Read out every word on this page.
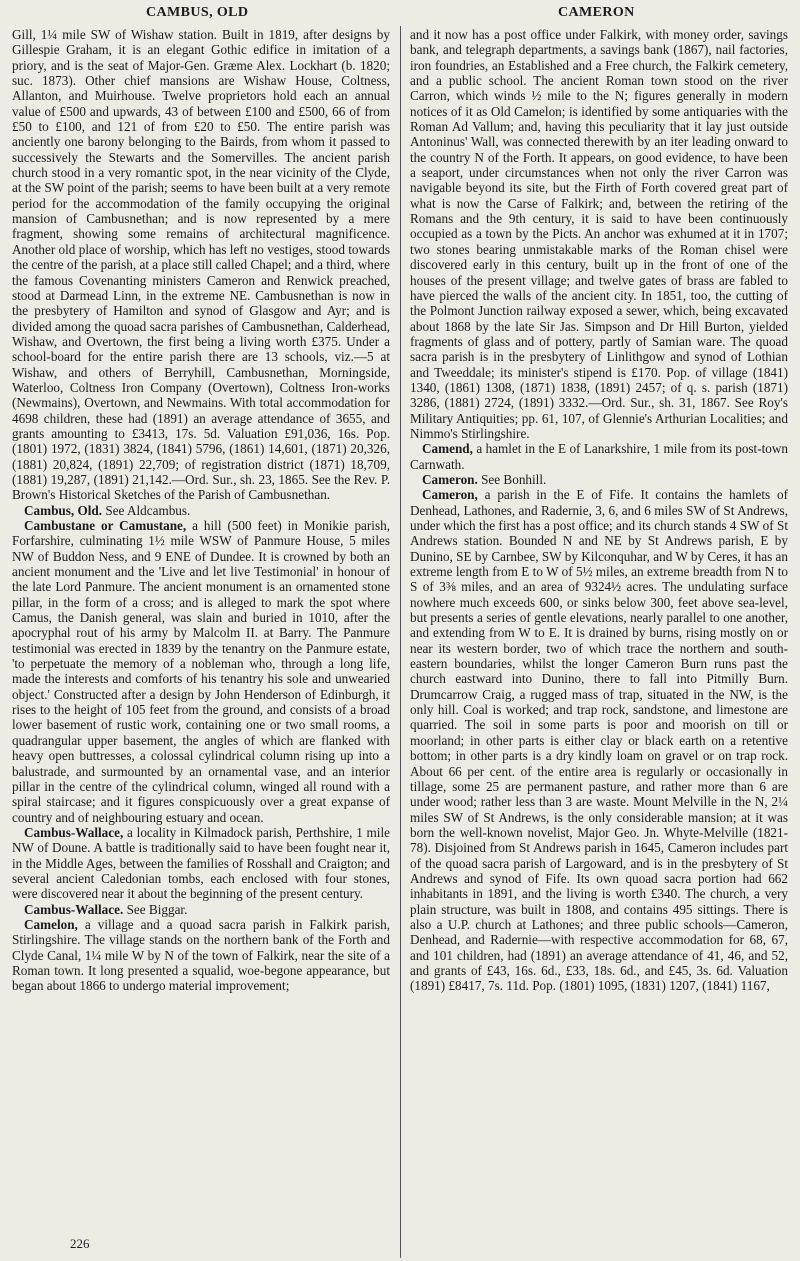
CAMBUS, OLD	CAMERON

Gill, 1¼ mile SW of Wishaw station. Built in 1819, after designs by Gillespie Graham, it is an elegant Gothic edifice in imitation of a priory, and is the seat of Major-Gen. Græme Alex. Lockhart (b. 1820; suc. 1873). Other chief mansions are Wishaw House, Coltness, Allanton, and Muirhouse. Twelve proprietors hold each an annual value of £500 and upwards, 43 of between £100 and £500, 66 of from £50 to £100, and 121 of from £20 to £50. The entire parish was anciently one barony belonging to the Bairds, from whom it passed to successively the Stewarts and the Somervilles. The ancient parish church stood in a very romantic spot, in the near vicinity of the Clyde, at the SW point of the parish; seems to have been built at a very remote period for the accommodation of the family occupying the original mansion of Cambusnethan; and is now represented by a mere fragment, showing some remains of architectural magnificence. Another old place of worship, which has left no vestiges, stood towards the centre of the parish, at a place still called Chapel; and a third, where the famous Covenanting ministers Cameron and Renwick preached, stood at Darmead Linn, in the extreme NE. Cambusnethan is now in the presbytery of Hamilton and synod of Glasgow and Ayr; and is divided among the quoad sacra parishes of Cambusnethan, Calderhead, Wishaw, and Overtown, the first being a living worth £375. Under a school-board for the entire parish there are 13 schools, viz.—5 at Wishaw, and others of Berryhill, Cambusnethan, Morningside, Waterloo, Coltness Iron Company (Overtown), Coltness Iron-works (Newmains), Overtown, and Newmains. With total accommodation for 4698 children, these had (1891) an average attendance of 3655, and grants amounting to £3413, 17s. 5d. Valuation £91,036, 16s. Pop. (1801) 1972, (1831) 3824, (1841) 5796, (1861) 14,601, (1871) 20,326, (1881) 20,824, (1891) 22,709; of registration district (1871) 18,709, (1881) 19,287, (1891) 21,142.—Ord. Sur., sh. 23, 1865. See the Rev. P. Brown's Historical Sketches of the Parish of Cambusnethan.

Cambus, Old. See Aldcambus.

Cambustane or Camustane, a hill (500 feet) in Monikie parish, Forfarshire, culminating 1½ mile WSW of Panmure House, 5 miles NW of Buddon Ness, and 9 ENE of Dundee. It is crowned by both an ancient monument and the 'Live and let live Testimonial' in honour of the late Lord Panmure. The ancient monument is an ornamented stone pillar, in the form of a cross; and is alleged to mark the spot where Camus, the Danish general, was slain and buried in 1010, after the apocryphal rout of his army by Malcolm II. at Barry. The Panmure testimonial was erected in 1839 by the tenantry on the Panmure estate, 'to perpetuate the memory of a nobleman who, through a long life, made the interests and comforts of his tenantry his sole and unwearied object.' Constructed after a design by John Henderson of Edinburgh, it rises to the height of 105 feet from the ground, and consists of a broad lower basement of rustic work, containing one or two small rooms, a quadrangular upper basement, the angles of which are flanked with heavy open buttresses, a colossal cylindrical column rising up into a balustrade, and surmounted by an ornamental vase, and an interior pillar in the centre of the cylindrical column, winged all round with a spiral staircase; and it figures conspicuously over a great expanse of country and of neighbouring estuary and ocean.

Cambus-Wallace, a locality in Kilmadock parish, Perthshire, 1 mile NW of Doune. A battle is traditionally said to have been fought near it, in the Middle Ages, between the families of Rosshall and Craigton; and several ancient Caledonian tombs, each enclosed with four stones, were discovered near it about the beginning of the present century.

Cambus-Wallace. See Biggar.

Camelon, a village and a quoad sacra parish in Falkirk parish, Stirlingshire. The village stands on the northern bank of the Forth and Clyde Canal, 1¼ mile W by N of the town of Falkirk, near the site of a Roman town. It long presented a squalid, woe-begone appearance, but began about 1866 to undergo material improvement;

and it now has a post office under Falkirk, with money order, savings bank, and telegraph departments, a savings bank (1867), nail factories, iron foundries, an Established and a Free church, the Falkirk cemetery, and a public school. The ancient Roman town stood on the river Carron, which winds ½ mile to the N; figures generally in modern notices of it as Old Camelon; is identified by some antiquaries with the Roman Ad Vallum; and, having this peculiarity that it lay just outside Antoninus' Wall, was connected therewith by an iter leading onward to the country N of the Forth. It appears, on good evidence, to have been a seaport, under circumstances when not only the river Carron was navigable beyond its site, but the Firth of Forth covered great part of what is now the Carse of Falkirk; and, between the retiring of the Romans and the 9th century, it is said to have been continuously occupied as a town by the Picts. An anchor was exhumed at it in 1707; two stones bearing unmistakable marks of the Roman chisel were discovered early in this century, built up in the front of one of the houses of the present village; and twelve gates of brass are fabled to have pierced the walls of the ancient city. In 1851, too, the cutting of the Polmont Junction railway exposed a sewer, which, being excavated about 1868 by the late Sir Jas. Simpson and Dr Hill Burton, yielded fragments of glass and of pottery, partly of Samian ware. The quoad sacra parish is in the presbytery of Linlithgow and synod of Lothian and Tweeddale; its minister's stipend is £170. Pop. of village (1841) 1340, (1861) 1308, (1871) 1838, (1891) 2457; of q. s. parish (1871) 3286, (1881) 2724, (1891) 3332.—Ord. Sur., sh. 31, 1867. See Roy's Military Antiquities; pp. 61, 107, of Glennie's Arthurian Localities; and Nimmo's Stirlingshire.

Camend, a hamlet in the E of Lanarkshire, 1 mile from its post-town Carnwath.

Cameron. See Bonhill.

Cameron, a parish in the E of Fife. It contains the hamlets of Denhead, Lathones, and Radernie, 3, 6, and 6 miles SW of St Andrews, under which the first has a post office; and its church stands 4 SW of St Andrews station. Bounded N and NE by St Andrews parish, E by Dunino, SE by Carnbee, SW by Kilconquhar, and W by Ceres, it has an extreme length from E to W of 5½ miles, an extreme breadth from N to S of 3⅜ miles, and an area of 9324½ acres. The undulating surface nowhere much exceeds 600, or sinks below 300, feet above sea-level, but presents a series of gentle elevations, nearly parallel to one another, and extending from W to E. It is drained by burns, rising mostly on or near its western border, two of which trace the northern and south-eastern boundaries, whilst the longer Cameron Burn runs past the church eastward into Dunino, there to fall into Pitmilly Burn. Drumcarrow Craig, a rugged mass of trap, situated in the NW, is the only hill. Coal is worked; and trap rock, sandstone, and limestone are quarried. The soil in some parts is poor and moorish on till or moorland; in other parts is either clay or black earth on a retentive bottom; in other parts is a dry kindly loam on gravel or on trap rock. About 66 per cent. of the entire area is regularly or occasionally in tillage, some 25 are permanent pasture, and rather more than 6 are under wood; rather less than 3 are waste. Mount Melville in the N, 2¼ miles SW of St Andrews, is the only considerable mansion; at it was born the well-known novelist, Major Geo. Jn. Whyte-Melville (1821-78). Disjoined from St Andrews parish in 1645, Cameron includes part of the quoad sacra parish of Largoward, and is in the presbytery of St Andrews and synod of Fife. Its own quoad sacra portion had 662 inhabitants in 1891, and the living is worth £340. The church, a very plain structure, was built in 1808, and contains 495 sittings. There is also a U.P. church at Lathones; and three public schools—Cameron, Denhead, and Radernie—with respective accommodation for 68, 67, and 101 children, had (1891) an average attendance of 41, 46, and 52, and grants of £43, 16s. 6d., £33, 18s. 6d., and £45, 3s. 6d. Valuation (1891) £8417, 7s. 11d. Pop. (1801) 1095, (1831) 1207, (1841) 1167,

226
